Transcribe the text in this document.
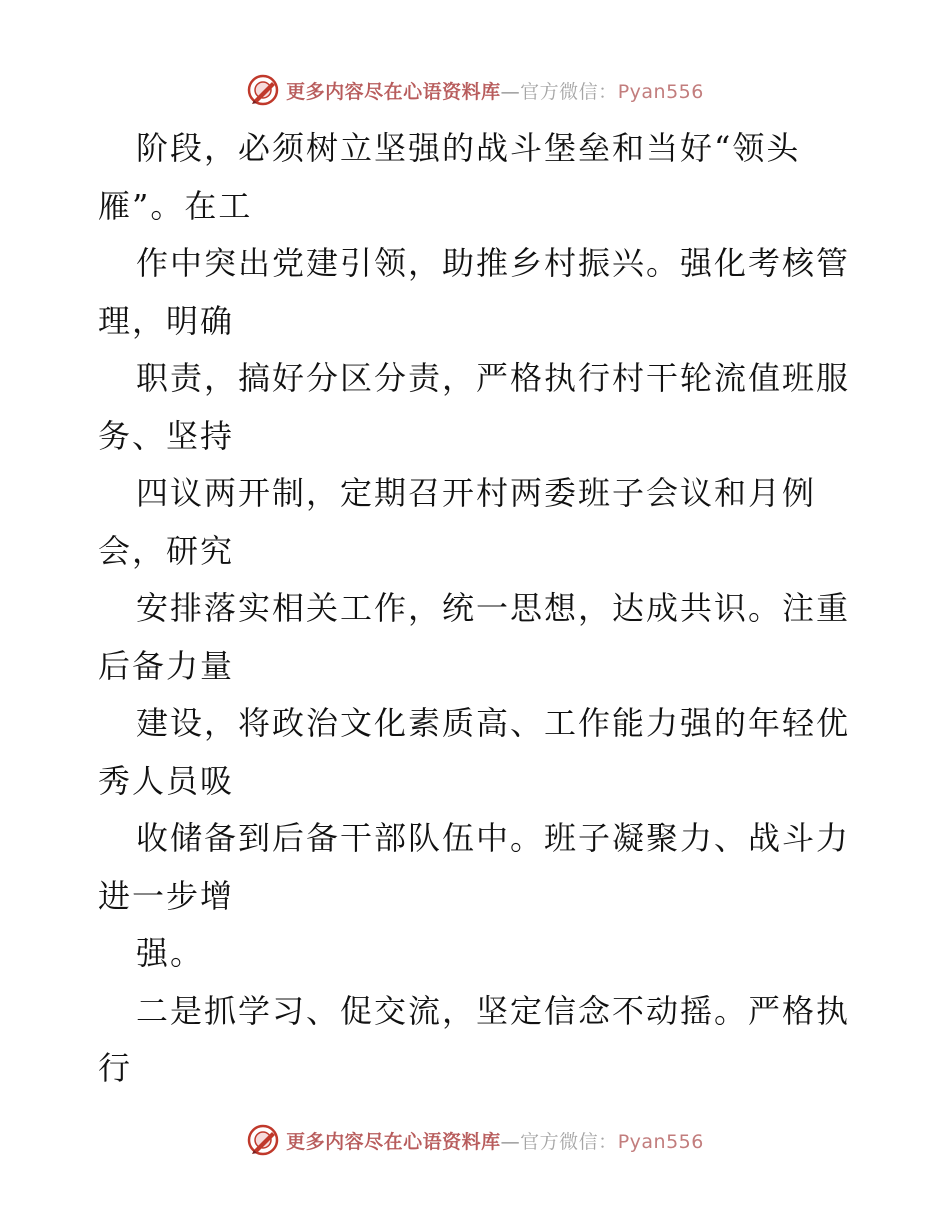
更多内容尽在心语资料库—官方微信：Pyan556

阶段，必须树立坚强的战斗堡垒和当好“领头
雁”。在工

作中突出党建引领，助推乡村振兴。强化考核管
理，明确

职责，搞好分区分责，严格执行村干轮流值班服
务、坚持

四议两开制，定期召开村两委班子会议和月例
会，研究

安排落实相关工作，统一思想，达成共识。注重
后备力量

建设，将政治文化素质高、工作能力强的年轻优
秀人员吸

收储备到后备干部队伍中。班子凝聚力、战斗力
进一步增

强。

二是抓学习、促交流，坚定信念不动摇。严格执
行

更多内容尽在心语资料库—官方微信：Pyan556
